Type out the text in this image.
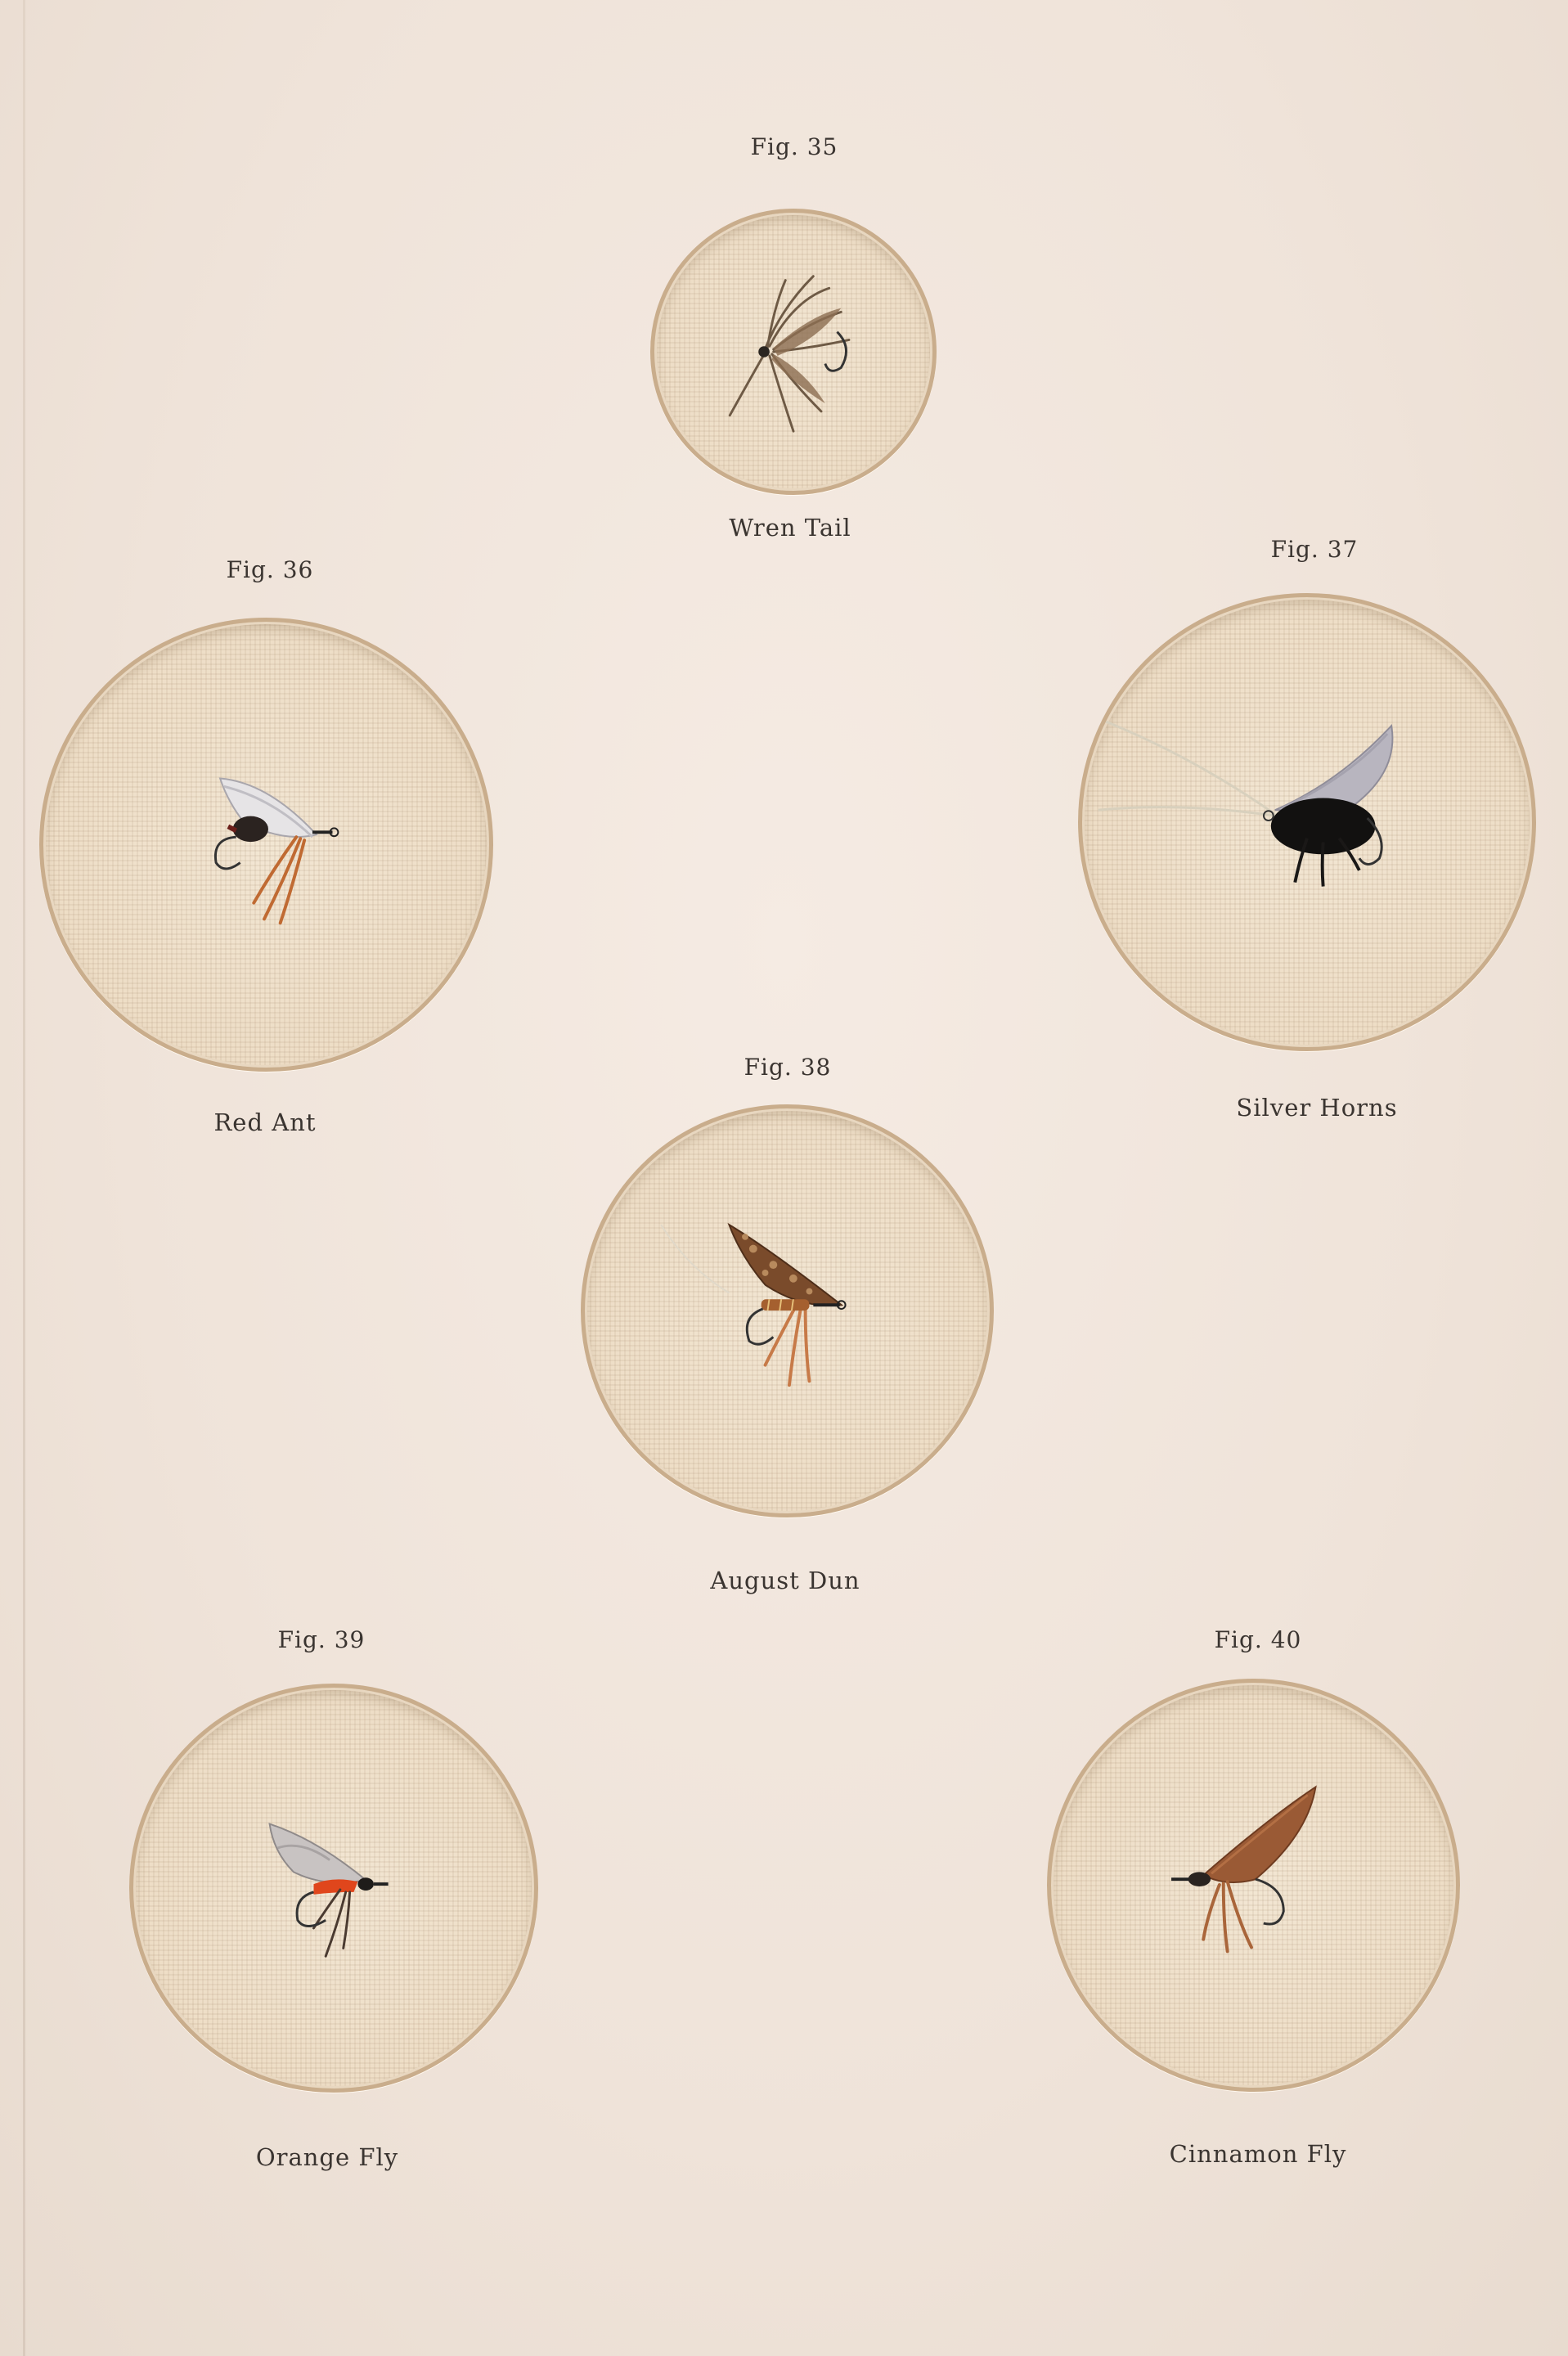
Fig. 35
Wren Tail
Fig. 36
Red Ant
Fig. 37
Silver Horns
Fig. 38
August Dun
Fig. 39
Orange Fly
Fig. 40
Cinnamon Fly
